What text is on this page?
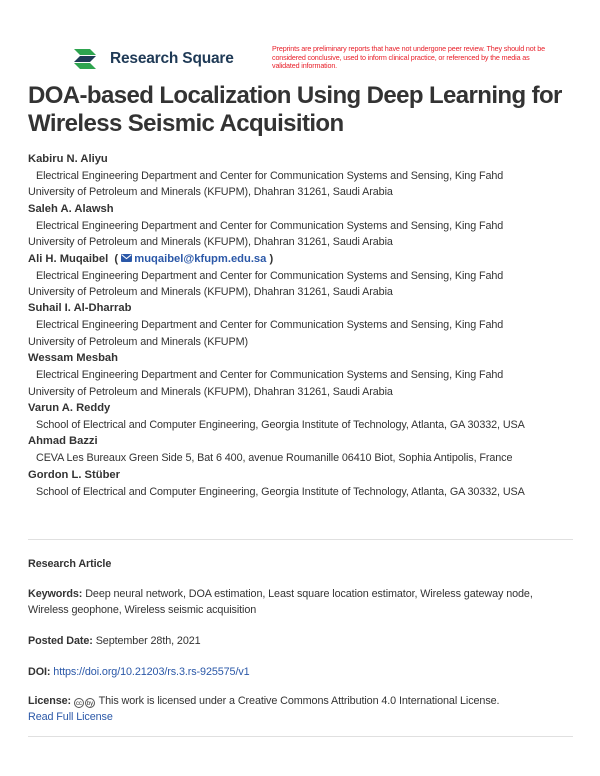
Research Square
Preprints are preliminary reports that have not undergone peer review. They should not be considered conclusive, used to inform clinical practice, or referenced by the media as validated information.
DOA-based Localization Using Deep Learning for Wireless Seismic Acquisition
Kabiru N. Aliyu
Electrical Engineering Department and Center for Communication Systems and Sensing, King Fahd
University of Petroleum and Minerals (KFUPM), Dhahran 31261, Saudi Arabia
Saleh A. Alawsh
Electrical Engineering Department and Center for Communication Systems and Sensing, King Fahd
University of Petroleum and Minerals (KFUPM), Dhahran 31261, Saudi Arabia
Ali H. Muqaibel  ( muqaibel@kfupm.edu.sa )
Electrical Engineering Department and Center for Communication Systems and Sensing, King Fahd
University of Petroleum and Minerals (KFUPM), Dhahran 31261, Saudi Arabia
Suhail I. Al-Dharrab
Electrical Engineering Department and Center for Communication Systems and Sensing, King Fahd
University of Petroleum and Minerals (KFUPM)
Wessam Mesbah
Electrical Engineering Department and Center for Communication Systems and Sensing, King Fahd
University of Petroleum and Minerals (KFUPM), Dhahran 31261, Saudi Arabia
Varun A. Reddy
School of Electrical and Computer Engineering, Georgia Institute of Technology, Atlanta, GA 30332, USA
Ahmad Bazzi
CEVA Les Bureaux Green Side 5, Bat 6 400, avenue Roumanille 06410 Biot, Sophia Antipolis, France
Gordon L. Stüber
School of Electrical and Computer Engineering, Georgia Institute of Technology, Atlanta, GA 30332, USA
Research Article
Keywords: Deep neural network, DOA estimation, Least square location estimator, Wireless gateway node,
Wireless geophone, Wireless seismic acquisition
Posted Date: September 28th, 2021
DOI: https://doi.org/10.21203/rs.3.rs-925575/v1
License: cc by This work is licensed under a Creative Commons Attribution 4.0 International License.
Read Full License
